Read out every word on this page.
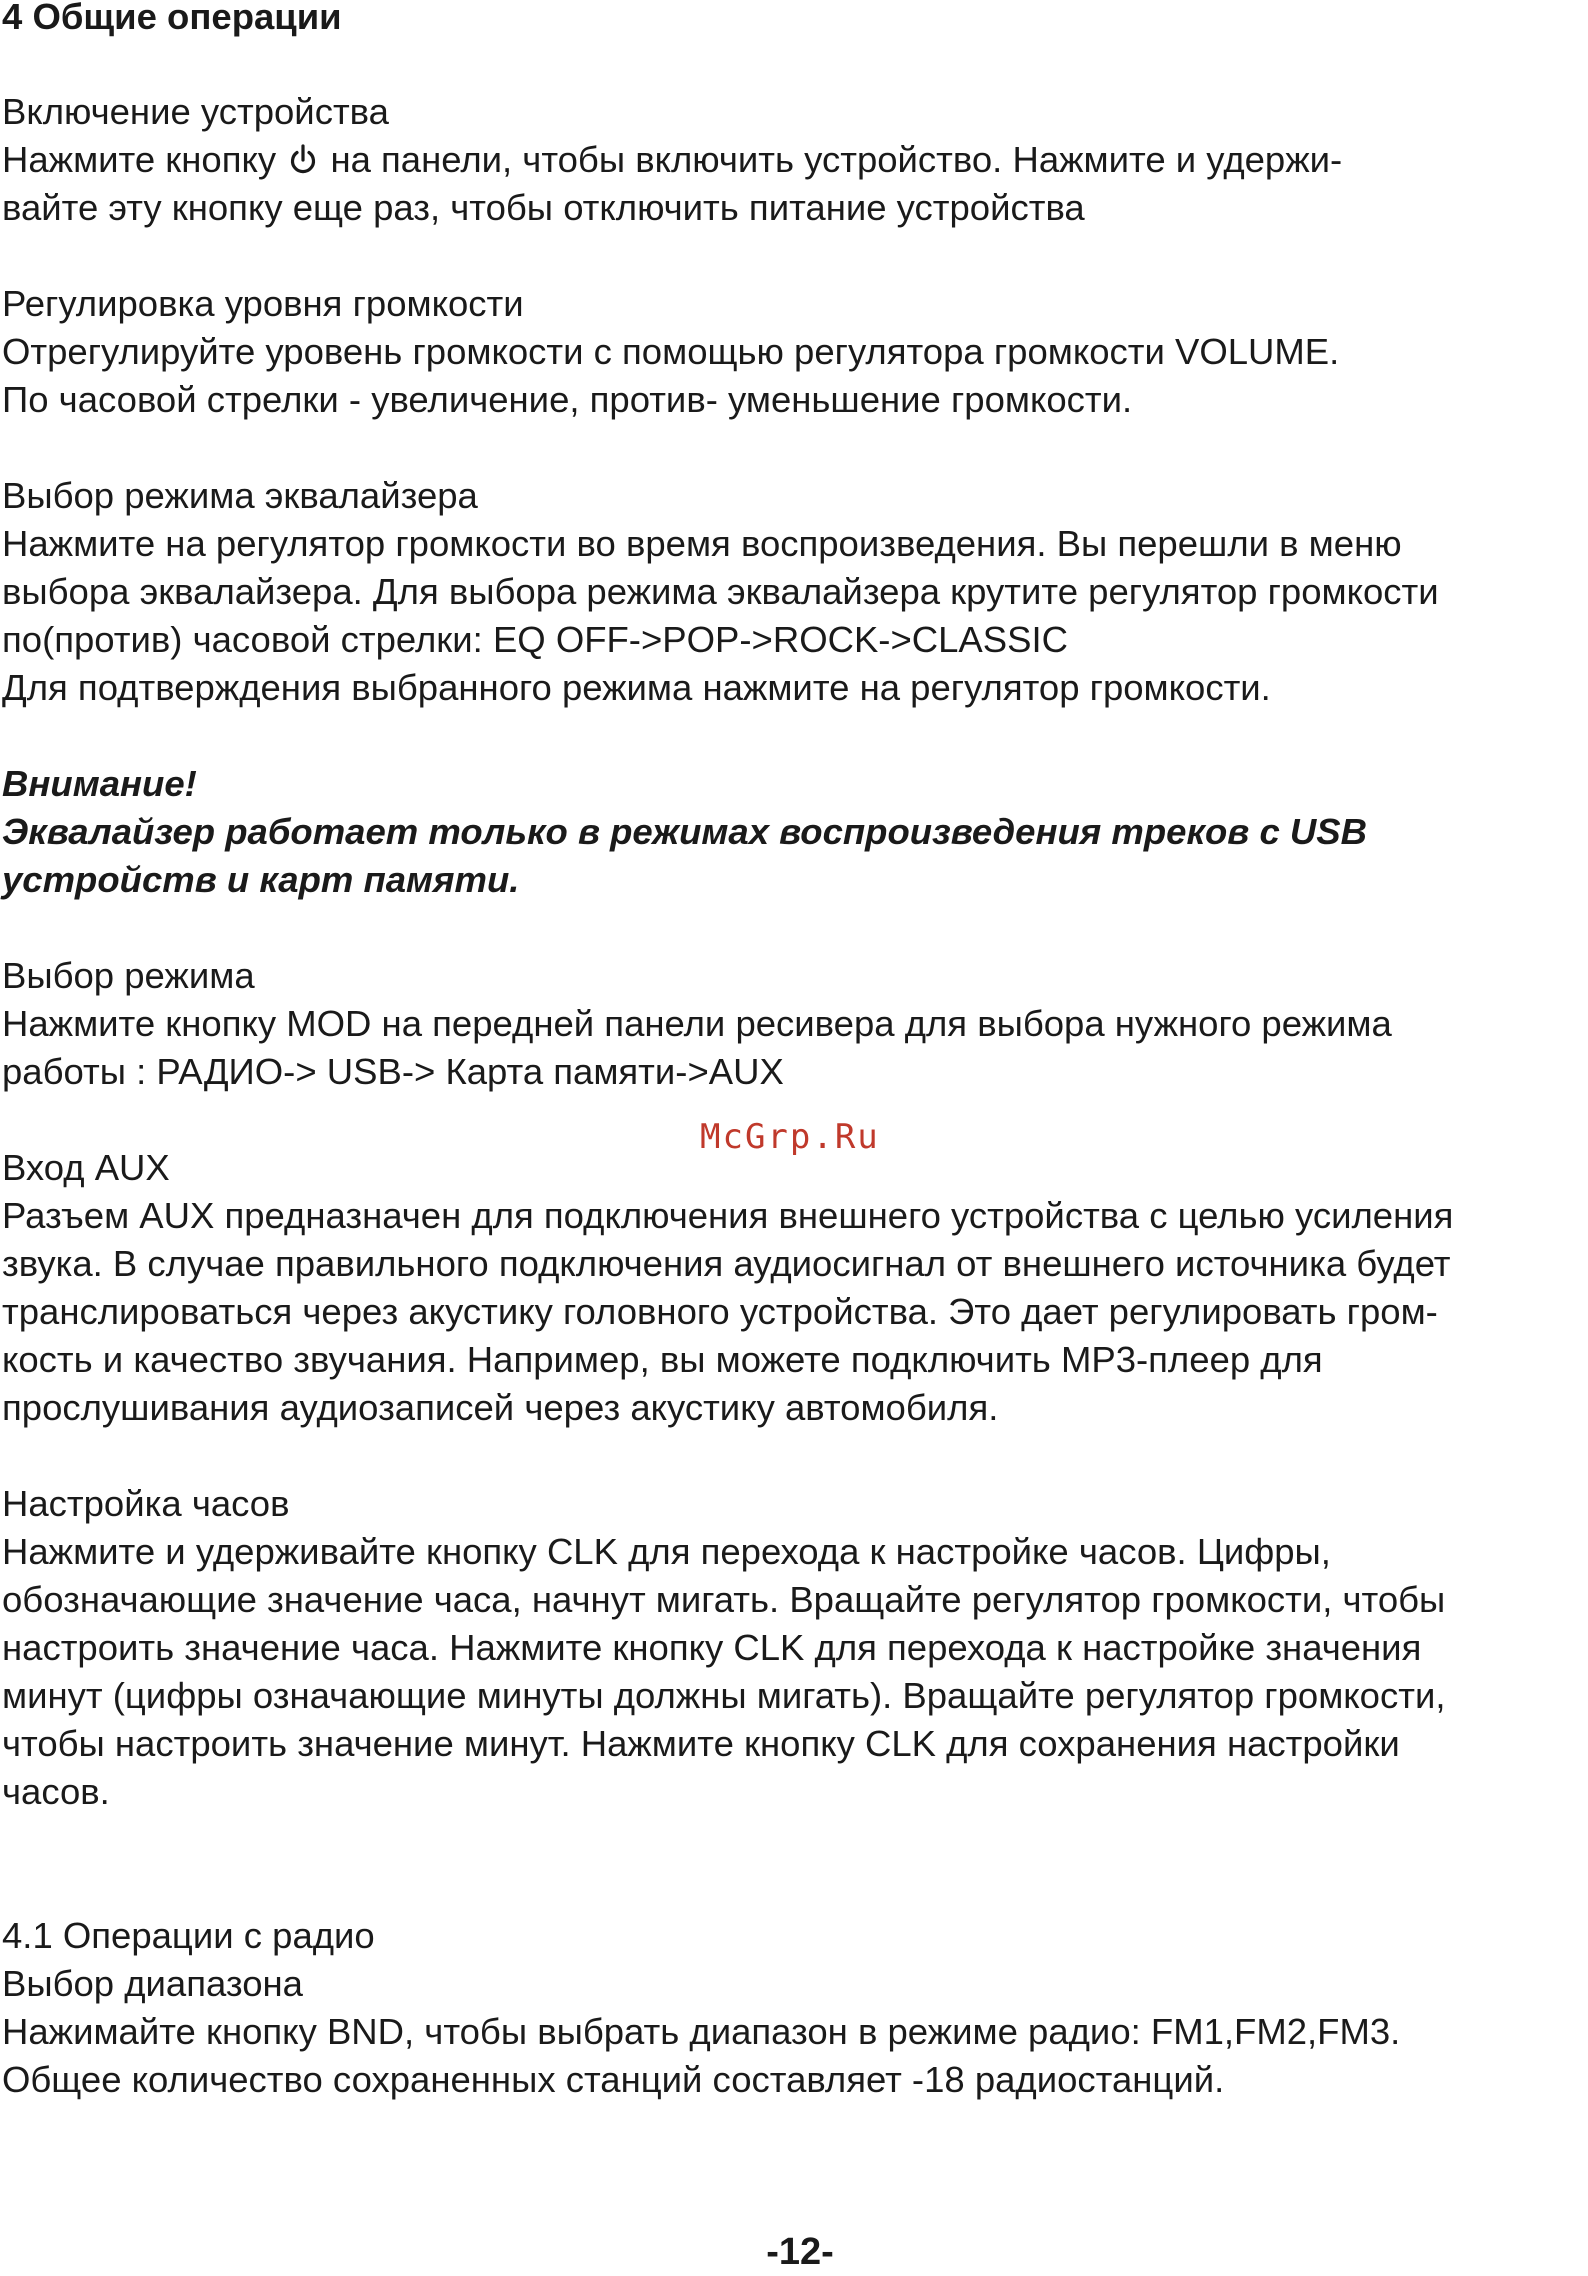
4 Общие операции
Включение устройства
Нажмите кнопку на панели, чтобы включить устройство. Нажмите и удержи-
вайте эту кнопку еще раз, чтобы отключить питание устройства
Регулировка уровня громкости
Отрегулируйте уровень громкости с помощью регулятора громкости VOLUME.
По часовой стрелки - увеличение, против- уменьшение громкости.
Выбор режима эквалайзера
Нажмите на регулятор громкости во время воспроизведения. Вы перешли в меню
выбора эквалайзера. Для выбора режима эквалайзера крутите регулятор громкости
по(против) часовой стрелки: EQ OFF->POP->ROCK->CLASSIC
Для подтверждения выбранного режима нажмите на регулятор громкости.
Внимание!
Эквалайзер работает только в режимах воспроизведения треков с USB
устройств и карт памяти.
Выбор режима
Нажмите кнопку MOD на передней панели ресивера для выбора нужного режима
работы : РАДИО-> USB-> Карта памяти->AUX
McGrp.Ru
Вход AUX
Разъем AUX предназначен для подключения внешнего устройства с целью усиления
звука. В случае правильного подключения аудиосигнал от внешнего источника будет
транслироваться через акустику головного устройства. Это дает регулировать гром-
кость и качество звучания. Например, вы можете подключить MP3-плеер для
прослушивания аудиозаписей через акустику автомобиля.
Настройка часов
Нажмите и удерживайте кнопку CLK для перехода к настройке часов. Цифры,
обозначающие значение часа, начнут мигать. Вращайте регулятор громкости, чтобы
настроить значение часа. Нажмите кнопку CLK для перехода к настройке значения
минут (цифры означающие минуты должны мигать). Вращайте регулятор громкости,
чтобы настроить значение минут. Нажмите кнопку CLK для сохранения настройки
часов.
4.1 Операции с радио
Выбор диапазона
Нажимайте кнопку BND, чтобы выбрать диапазон в режиме радио: FM1,FM2,FM3.
Общее количество сохраненных станций составляет -18 радиостанций.
-12-
